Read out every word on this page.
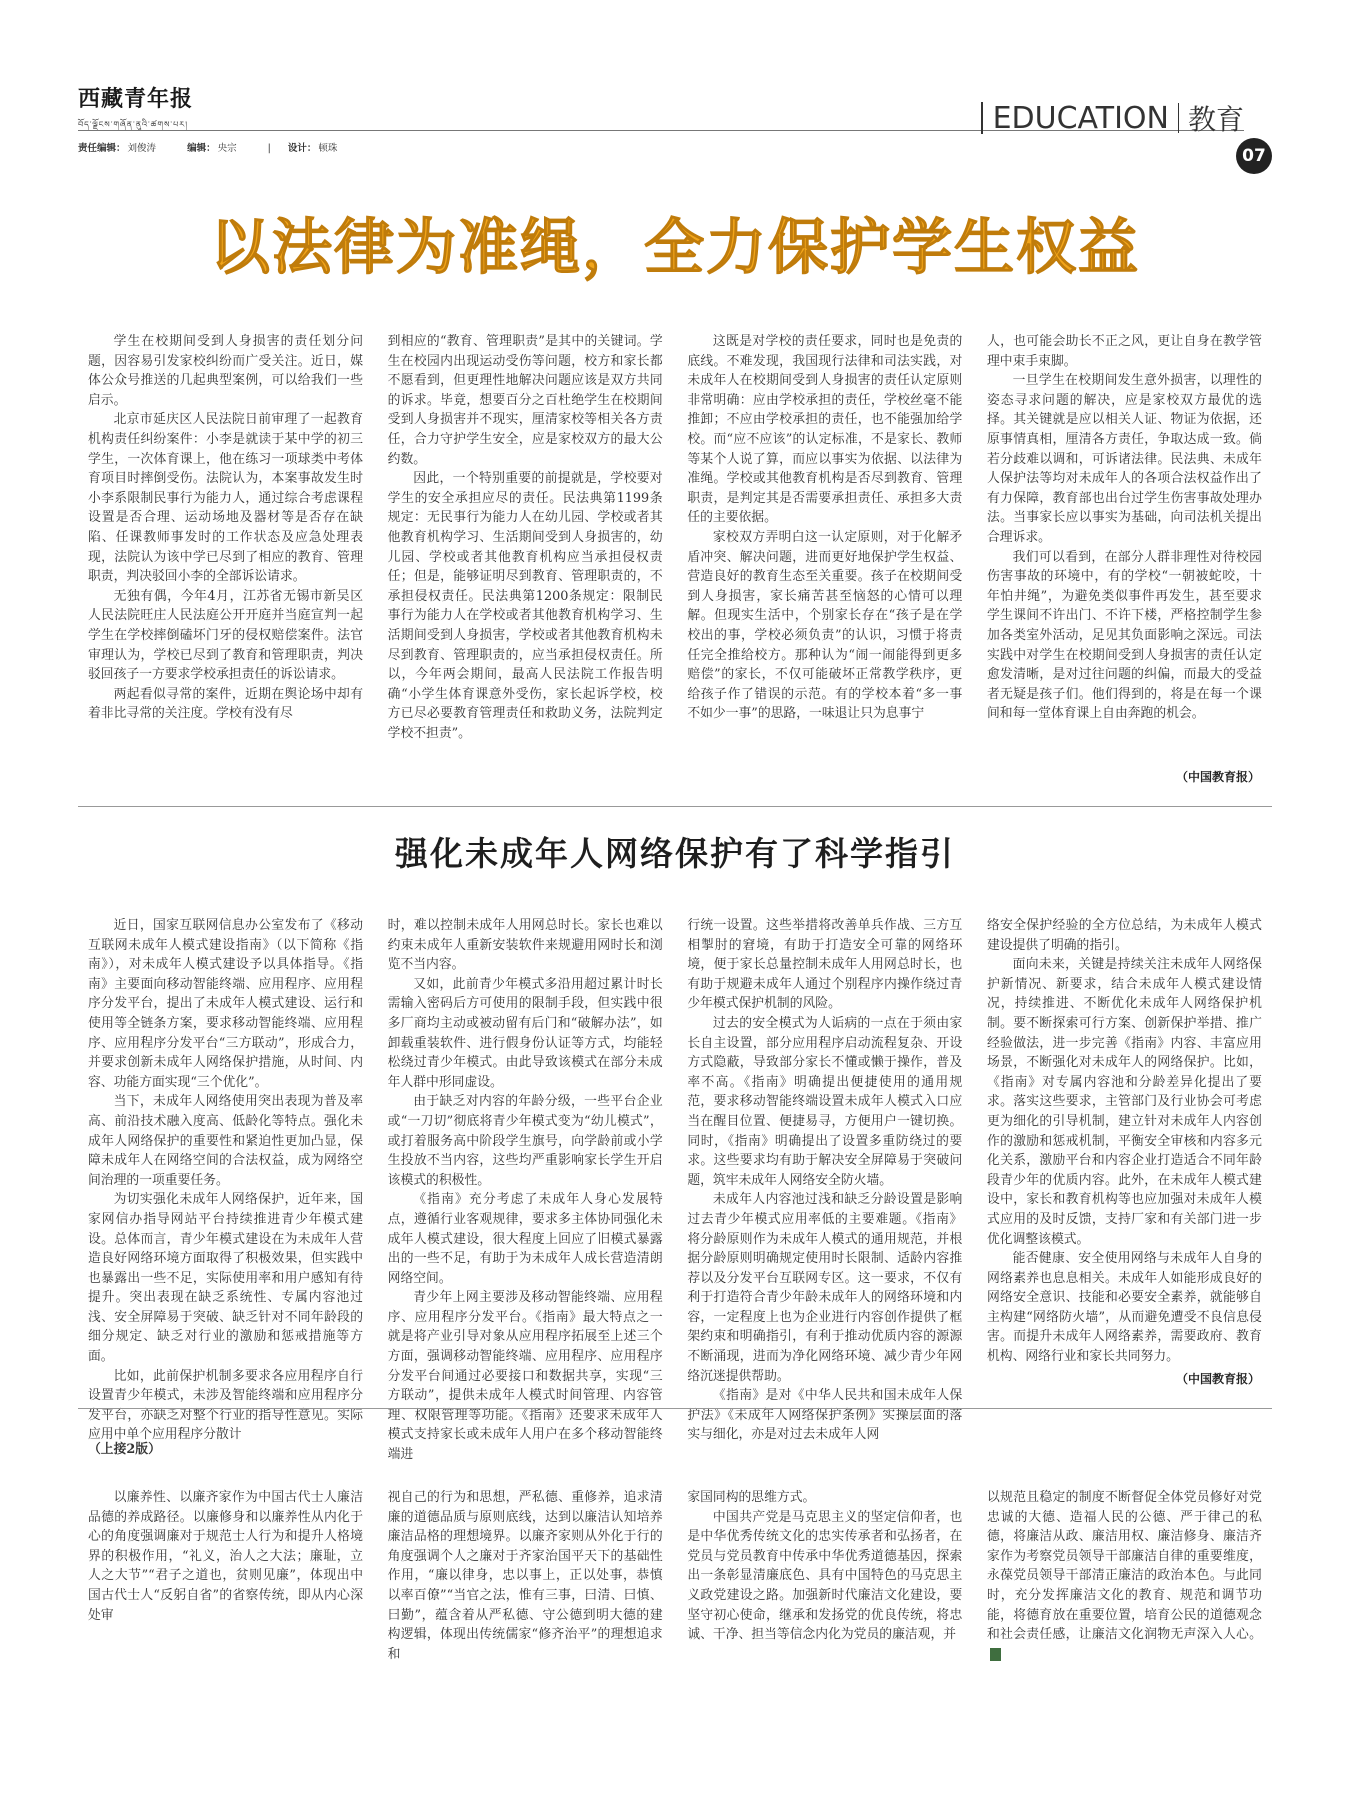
西藏青年报
བོད་ལྗོངས་གཞོན་ནུའི་ཚགས་པར།
责任编辑： 刘俊涛	编辑： 央宗	| 设计： 顿珠
EDUCATION 教育
07
以法律为准绳，全力保护学生权益

学生在校期间受到人身损害的责任划分问题，因容易引发家校纠纷而广受关注。近日，媒体公众号推送的几起典型案例，可以给我们一些启示。

北京市延庆区人民法院日前审理了一起教育机构责任纠纷案件：小李是就读于某中学的初三学生，一次体育课上，他在练习一项球类中考体育项目时摔倒受伤。法院认为，本案事故发生时小李系限制民事行为能力人，通过综合考虑课程设置是否合理、运动场地及器材等是否存在缺陷、任课教师事发时的工作状态及应急处理表现，法院认为该中学已尽到了相应的教育、管理职责，判决驳回小李的全部诉讼请求。

无独有偶，今年4月，江苏省无锡市新吴区人民法院旺庄人民法庭公开开庭并当庭宣判一起学生在学校摔倒磕坏门牙的侵权赔偿案件。法官审理认为，学校已尽到了教育和管理职责，判决驳回孩子一方要求学校承担责任的诉讼请求。

两起看似寻常的案件，近期在舆论场中却有着非比寻常的关注度。学校有没有尽

到相应的“教育、管理职责”是其中的关键词。学生在校园内出现运动受伤等问题，校方和家长都不愿看到，但更理性地解决问题应该是双方共同的诉求。毕竟，想要百分之百杜绝学生在校期间受到人身损害并不现实，厘清家校等相关各方责任，合力守护学生安全，应是家校双方的最大公约数。

因此，一个特别重要的前提就是，学校要对学生的安全承担应尽的责任。民法典第1199条规定：无民事行为能力人在幼儿园、学校或者其他教育机构学习、生活期间受到人身损害的，幼儿园、学校或者其他教育机构应当承担侵权责任；但是，能够证明尽到教育、管理职责的，不承担侵权责任。民法典第1200条规定：限制民事行为能力人在学校或者其他教育机构学习、生活期间受到人身损害，学校或者其他教育机构未尽到教育、管理职责的，应当承担侵权责任。所以，今年两会期间，最高人民法院工作报告明确“小学生体育课意外受伤，家长起诉学校，校方已尽必要教育管理责任和救助义务，法院判定学校不担责”。

这既是对学校的责任要求，同时也是免责的底线。不难发现，我国现行法律和司法实践，对未成年人在校期间受到人身损害的责任认定原则非常明确：应由学校承担的责任，学校丝毫不能推卸；不应由学校承担的责任，也不能强加给学校。而“应不应该”的认定标准，不是家长、教师等某个人说了算，而应以事实为依据、以法律为准绳。学校或其他教育机构是否尽到教育、管理职责，是判定其是否需要承担责任、承担多大责任的主要依据。

家校双方弄明白这一认定原则，对于化解矛盾冲突、解决问题，进而更好地保护学生权益、营造良好的教育生态至关重要。孩子在校期间受到人身损害，家长痛苦甚至恼怒的心情可以理解。但现实生活中，个别家长存在“孩子是在学校出的事，学校必须负责”的认识，习惯于将责任完全推给校方。那种认为“闹一闹能得到更多赔偿”的家长，不仅可能破坏正常教学秩序，更给孩子作了错误的示范。有的学校本着“多一事不如少一事”的思路，一味退让只为息事宁

人，也可能会助长不正之风，更让自身在教学管理中束手束脚。

一旦学生在校期间发生意外损害，以理性的姿态寻求问题的解决，应是家校双方最优的选择。其关键就是应以相关人证、物证为依据，还原事情真相，厘清各方责任，争取达成一致。倘若分歧难以调和，可诉诸法律。民法典、未成年人保护法等均对未成年人的各项合法权益作出了有力保障，教育部也出台过学生伤害事故处理办法。当事家长应以事实为基础，向司法机关提出合理诉求。

我们可以看到，在部分人群非理性对待校园伤害事故的环境中，有的学校“一朝被蛇咬，十年怕井绳”，为避免类似事件再发生，甚至要求学生课间不许出门、不许下楼，严格控制学生参加各类室外活动，足见其负面影响之深远。司法实践中对学生在校期间受到人身损害的责任认定愈发清晰，是对过往问题的纠偏，而最大的受益者无疑是孩子们。他们得到的，将是在每一个课间和每一堂体育课上自由奔跑的机会。

（中国教育报）
强化未成年人网络保护有了科学指引

近日，国家互联网信息办公室发布了《移动互联网未成年人模式建设指南》（以下简称《指南》），对未成年人模式建设予以具体指导。《指南》主要面向移动智能终端、应用程序、应用程序分发平台，提出了未成年人模式建设、运行和使用等全链条方案，要求移动智能终端、应用程序、应用程序分发平台“三方联动”，形成合力，并要求创新未成年人网络保护措施，从时间、内容、功能方面实现“三个优化”。

当下，未成年人网络使用突出表现为普及率高、前沿技术融入度高、低龄化等特点。强化未成年人网络保护的重要性和紧迫性更加凸显，保障未成年人在网络空间的合法权益，成为网络空间治理的一项重要任务。

为切实强化未成年人网络保护，近年来，国家网信办指导网站平台持续推进青少年模式建设。总体而言，青少年模式建设在为未成年人营造良好网络环境方面取得了积极效果，但实践中也暴露出一些不足，实际使用率和用户感知有待提升。突出表现在缺乏系统性、专属内容池过浅、安全屏障易于突破、缺乏针对不同年龄段的细分规定、缺乏对行业的激励和惩戒措施等方面。

比如，此前保护机制多要求各应用程序自行设置青少年模式，未涉及智能终端和应用程序分发平台，亦缺乏对整个行业的指导性意见。实际应用中单个应用程序分散计

时，难以控制未成年人用网总时长。家长也难以约束未成年人重新安装软件来规避用网时长和浏览不当内容。

又如，此前青少年模式多沿用超过累计时长需输入密码后方可使用的限制手段，但实践中很多厂商均主动或被动留有后门和“破解办法”，如卸载重装软件、进行假身份认证等方式，均能轻松绕过青少年模式。由此导致该模式在部分未成年人群中形同虚设。

由于缺乏对内容的年龄分级，一些平台企业或“一刀切”彻底将青少年模式变为“幼儿模式”，或打着服务高中阶段学生旗号，向学龄前或小学生投放不当内容，这些均严重影响家长学生开启该模式的积极性。

《指南》充分考虑了未成年人身心发展特点，遵循行业客观规律，要求多主体协同强化未成年人模式建设，很大程度上回应了旧模式暴露出的一些不足，有助于为未成年人成长营造清朗网络空间。

青少年上网主要涉及移动智能终端、应用程序、应用程序分发平台。《指南》最大特点之一就是将产业引导对象从应用程序拓展至上述三个方面，强调移动智能终端、应用程序、应用程序分发平台间通过必要接口和数据共享，实现“三方联动”，提供未成年人模式时间管理、内容管理、权限管理等功能。《指南》还要求未成年人模式支持家长或未成年人用户在多个移动智能终端进

行统一设置。这些举措将改善单兵作战、三方互相掣肘的窘境，有助于打造安全可靠的网络环境，便于家长总量控制未成年人用网总时长，也有助于规避未成年人通过个别程序内操作绕过青少年模式保护机制的风险。

过去的安全模式为人诟病的一点在于须由家长自主设置，部分应用程序启动流程复杂、开设方式隐蔽，导致部分家长不懂或懒于操作，普及率不高。《指南》明确提出便捷使用的通用规范，要求移动智能终端设置未成年人模式入口应当在醒目位置、便捷易寻，方便用户一键切换。同时，《指南》明确提出了设置多重防绕过的要求。这些要求均有助于解决安全屏障易于突破问题，筑牢未成年人网络安全防火墙。

未成年人内容池过浅和缺乏分龄设置是影响过去青少年模式应用率低的主要难题。《指南》将分龄原则作为未成年人模式的通用规范，并根据分龄原则明确规定使用时长限制、适龄内容推荐以及分发平台互联网专区。这一要求，不仅有利于打造符合青少年龄未成年人的网络环境和内容，一定程度上也为企业进行内容创作提供了框架约束和明确指引，有利于推动优质内容的源源不断涌现，进而为净化网络环境、减少青少年网络沉迷提供帮助。

《指南》是对《中华人民共和国未成年人保护法》《未成年人网络保护条例》实操层面的落实与细化，亦是对过去未成年人网

络安全保护经验的全方位总结，为未成年人模式建设提供了明确的指引。

面向未来，关键是持续关注未成年人网络保护新情况、新要求，结合未成年人模式建设情况，持续推进、不断优化未成年人网络保护机制。要不断探索可行方案、创新保护举措、推广经验做法，进一步完善《指南》内容、丰富应用场景，不断强化对未成年人的网络保护。比如，《指南》对专属内容池和分龄差异化提出了要求。落实这些要求，主管部门及行业协会可考虑更为细化的引导机制，建立针对未成年人内容创作的激励和惩戒机制，平衡安全审核和内容多元化关系，激励平台和内容企业打造适合不同年龄段青少年的优质内容。此外，在未成年人模式建设中，家长和教育机构等也应加强对未成年人模式应用的及时反馈，支持厂家和有关部门进一步优化调整该模式。

能否健康、安全使用网络与未成年人自身的网络素养也息息相关。未成年人如能形成良好的网络安全意识、技能和必要安全素养，就能够自主构建“网络防火墙”，从而避免遭受不良信息侵害。而提升未成年人网络素养，需要政府、教育机构、网络行业和家长共同努力。

（中国教育报）
（上接2版）

以廉养性、以廉齐家作为中国古代士人廉洁品德的养成路径。以廉修身和以廉养性从内化于心的角度强调廉对于规范士人行为和提升人格境界的积极作用，“礼义，治人之大法；廉耻，立人之大节”“君子之道也，贫则见廉”，体现出中国古代士人“反躬自省”的省察传统，即从内心深处审

视自己的行为和思想，严私德、重修养，追求清廉的道德品质与原则底线，达到以廉洁认知培养廉洁品格的理想境界。以廉齐家则从外化于行的角度强调个人之廉对于齐家治国平天下的基础性作用，“廉以律身，忠以事上，正以处事，恭慎以率百僚”“当官之法，惟有三事，曰清、曰慎、曰勤”，蕴含着从严私德、守公德到明大德的建构逻辑，体现出传统儒家“修齐治平”的理想追求和

家国同构的思维方式。

中国共产党是马克思主义的坚定信仰者，也是中华优秀传统文化的忠实传承者和弘扬者，在党员与党员教育中传承中华优秀道德基因，探索出一条彰显清廉底色、具有中国特色的马克思主义政党建设之路。加强新时代廉洁文化建设，要坚守初心使命，继承和发扬党的优良传统，将忠诚、干净、担当等信念内化为党员的廉洁观，并

以规范且稳定的制度不断督促全体党员修好对党忠诚的大德、造福人民的公德、严于律己的私德，将廉洁从政、廉洁用权、廉洁修身、廉洁齐家作为考察党员领导干部廉洁自律的重要维度，永葆党员领导干部清正廉洁的政治本色。与此同时，充分发挥廉洁文化的教育、规范和调节功能，将德育放在重要位置，培育公民的道德观念和社会责任感，让廉洁文化润物无声深入人心。
